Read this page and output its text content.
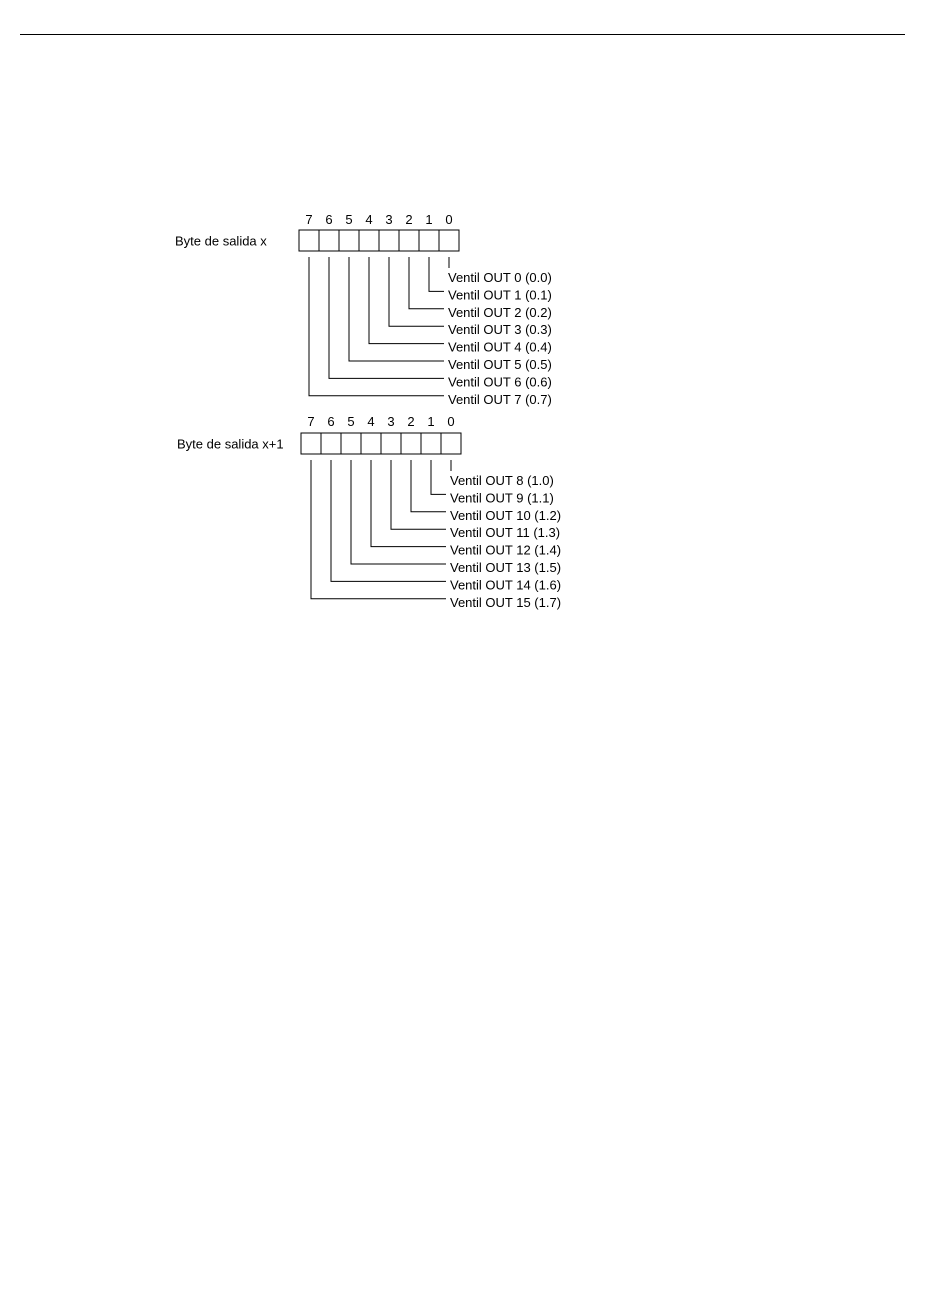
Byte de salida x
7 6 5 4 3 2 1 0
Ventil OUT 0 (0.0)
Ventil OUT 1 (0.1)
Ventil OUT 2 (0.2)
Ventil OUT 3 (0.3)
Ventil OUT 4 (0.4)
Ventil OUT 5 (0.5)
Ventil OUT 6 (0.6)
Ventil OUT 7 (0.7)
Byte de salida x+1
7 6 5 4 3 2 1 0
Ventil OUT 8 (1.0)
Ventil OUT 9 (1.1)
Ventil OUT 10 (1.2)
Ventil OUT 11 (1.3)
Ventil OUT 12 (1.4)
Ventil OUT 13 (1.5)
Ventil OUT 14 (1.6)
Ventil OUT 15 (1.7)
